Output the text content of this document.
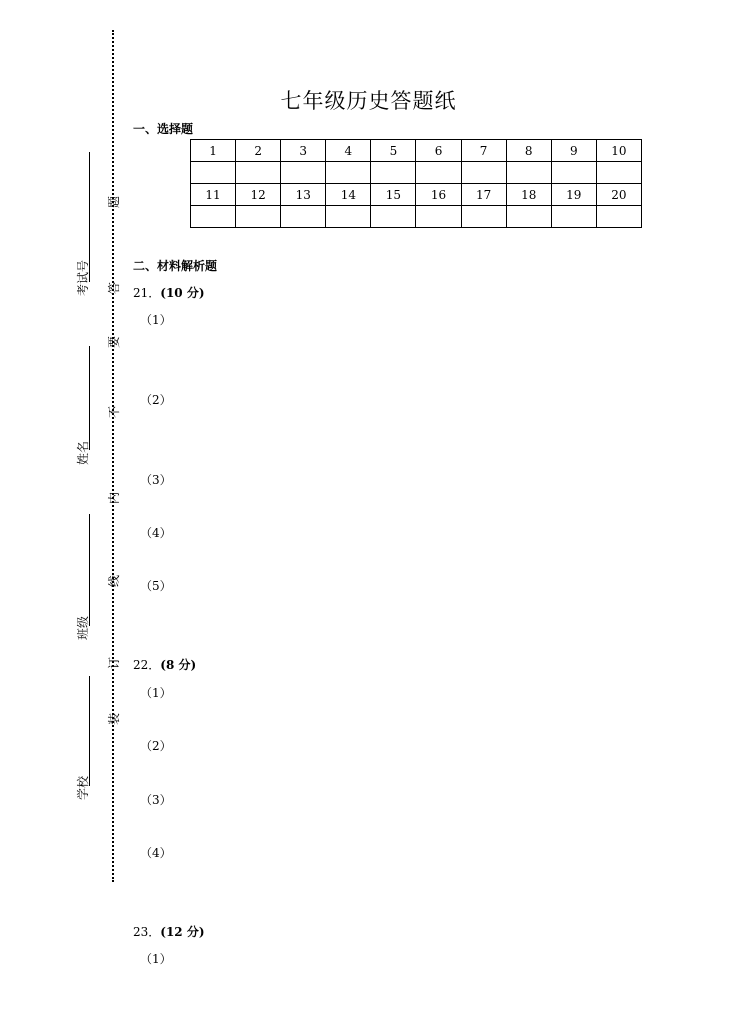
考试号
姓名
班级
学校
题
答
要
不
内
线
订
装
七年级历史答题纸
一、选择题
1	2	3	4	5	6	7	8	9	10

11	12	13	14	15	16	17	18	19	20

二、材料解析题
21．(10 分)
（1）
（2）
（3）
（4）
（5）
22．(8 分)
（1）
（2）
（3）
（4）
23．(12 分)
（1）
